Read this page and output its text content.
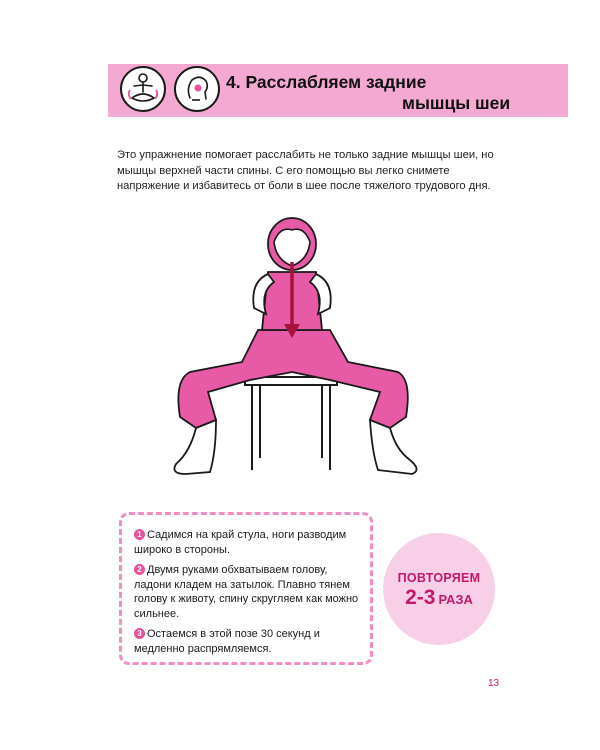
4. Расслабляем задние
мышцы шеи
Это упражнение помогает расслабить не только задние мышцы шеи, но мышцы верхней части спины. С его помощью вы легко снимете напряжение и избавитесь от боли в шее после тяжелого трудового дня.
1 Садимся на край стула, ноги разводим широко в стороны.
2 Двумя руками обхватываем голову, ладони кладем на затылок. Плавно тянем голову к животу, спину скругляем как можно сильнее.
3 Остаемся в этой позе 30 секунд и медленно распрямляемся.
ПОВТОРЯЕМ
2-3 РАЗА
13
